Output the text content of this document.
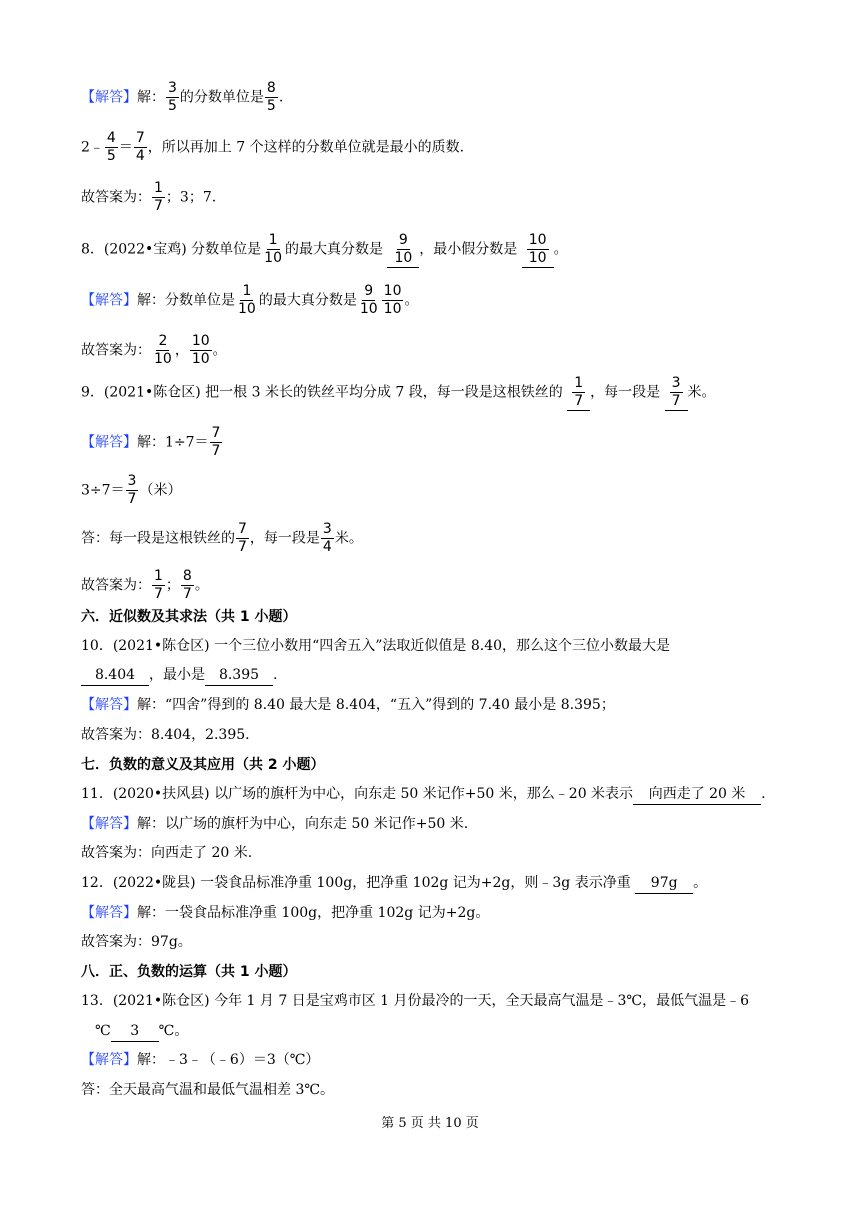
【解答】解： $\frac{3}{5}$ 的分数单位是 $\frac{8}{5}$ .
2﹣ $\frac{4}{5} = \frac{7}{4}$ ，所以再加上 7 个这样的分数单位就是最小的质数.
故答案为： $\frac{1}{7}$ ；3；7.
8．(2022•宝鸡) 分数单位是 $\frac{1}{10}$ 的最大真分数是 $\frac{9}{10}$ ，最小假分数是 $\frac{10}{10}$ 。
【解答】解：分数单位是 $\frac{1}{10}$ 的最大真分数是 $\frac{9}{10} \frac{10}{10}$ 。
故答案为： $\frac{2}{10}$ ， $\frac{10}{10}$ 。
9．(2021•陈仓区) 把一根 3 米长的铁丝平均分成 7 段，每一段是这根铁丝的 $\frac{1}{7}$ ，每一段是 $\frac{3}{7}$ 米。
【解答】解：$1\div 7= \frac{7}{7}$
$3\div 7= \frac{3}{7}$ （米）
答：每一段是这根铁丝的 $\frac{7}{7}$ ，每一段是 $\frac{3}{4}$ 米。
故答案为： $\frac{1}{7}$ ； $\frac{8}{7}$ 。
六．近似数及其求法（共 1 小题）
10．(2021•陈仓区) 一个三位小数用“四舍五入”法取近似值是 8.40，那么这个三位小数最大是
8.404 ，最小是 8.395 .
【解答】解：“四舍”得到的 8.40 最大是 8.404，“五入”得到的 7.40 最小是 8.395；
故答案为：8.404，2.395.
七．负数的意义及其应用（共 2 小题）
11．(2020•扶风县) 以广场的旗杆为中心，向东走 50 米记作+50 米，那么﹣20 米表示 向西走了 20 米 .
【解答】解：以广场的旗杆为中心，向东走 50 米记作+50 米.
故答案为：向西走了 20 米.
12．(2022•陇县) 一袋食品标准净重 100g，把净重 102g 记为+2g，则﹣3g 表示净重 97g 。
【解答】解：一袋食品标准净重 100g，把净重 102g 记为+2g。
故答案为：97g。
八．正、负数的运算（共 1 小题）
13．(2021•陈仓区) 今年 1 月 7 日是宝鸡市区 1 月份最冷的一天，全天最高气温是﹣3℃，最低气温是﹣6
℃ 3 ℃。
【解答】解：﹣3﹣（﹣6）＝3（℃）
答：全天最高气温和最低气温相差 3℃。
第 5 页 共 10 页
